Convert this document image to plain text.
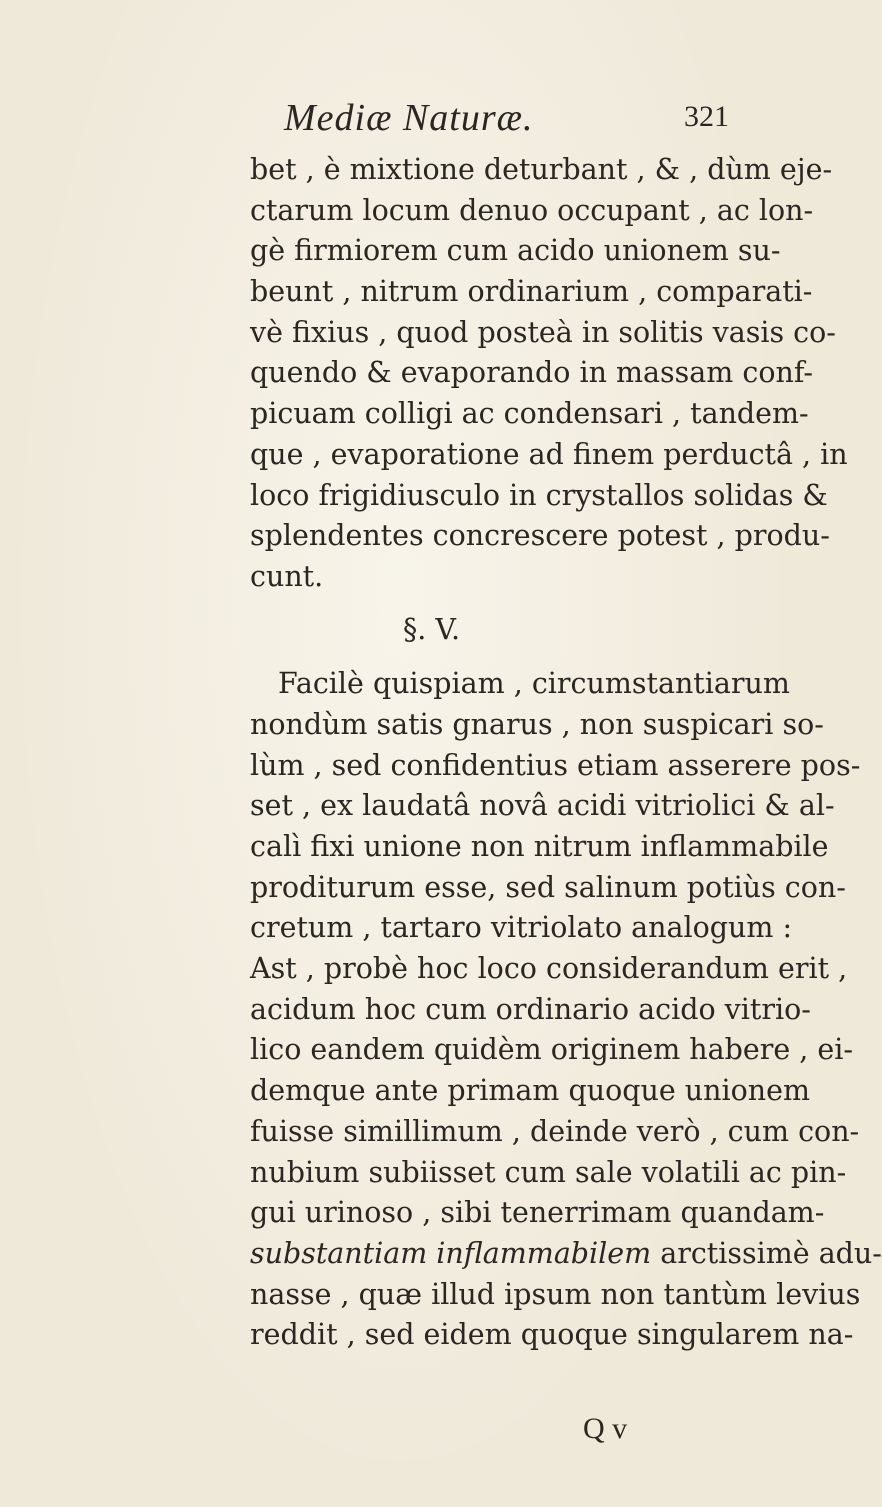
Mediæ Naturæ.	321
bet , è mixtione deturbant , & , dùm eje-
ctarum locum denuo occupant , ac lon-
gè firmiorem cum acido unionem su-
beunt , nitrum ordinarium , comparati-
vè fixius , quod posteà in solitis vasis co-
quendo & evaporando in massam conf-
picuam colligi ac condensari , tandem-
que , evaporatione ad finem perductâ , in
loco frigidiusculo in crystallos solidas &
splendentes concrescere potest , produ-
cunt.
§. V.
Facilè quispiam , circumstantiarum
nondùm satis gnarus , non suspicari so-
lùm , sed confidentius etiam asserere pos-
set , ex laudatâ novâ acidi vitriolici & al-
calì fixi unione non nitrum inflammabile
proditurum esse, sed salinum potiùs con-
cretum , tartaro vitriolato analogum :
Ast , probè hoc loco considerandum erit ,
acidum hoc cum ordinario acido vitrio-
lico eandem quidèm originem habere , ei-
demque ante primam quoque unionem
fuisse simillimum , deinde verò , cum con-
nubium subiisset cum sale volatili ac pin-
gui urinoso , sibi tenerrimam quandam-
substantiam inflammabilem arctissimè adu-
nasse , quæ illud ipsum non tantùm levius
reddit , sed eidem quoque singularem na-
Q v
